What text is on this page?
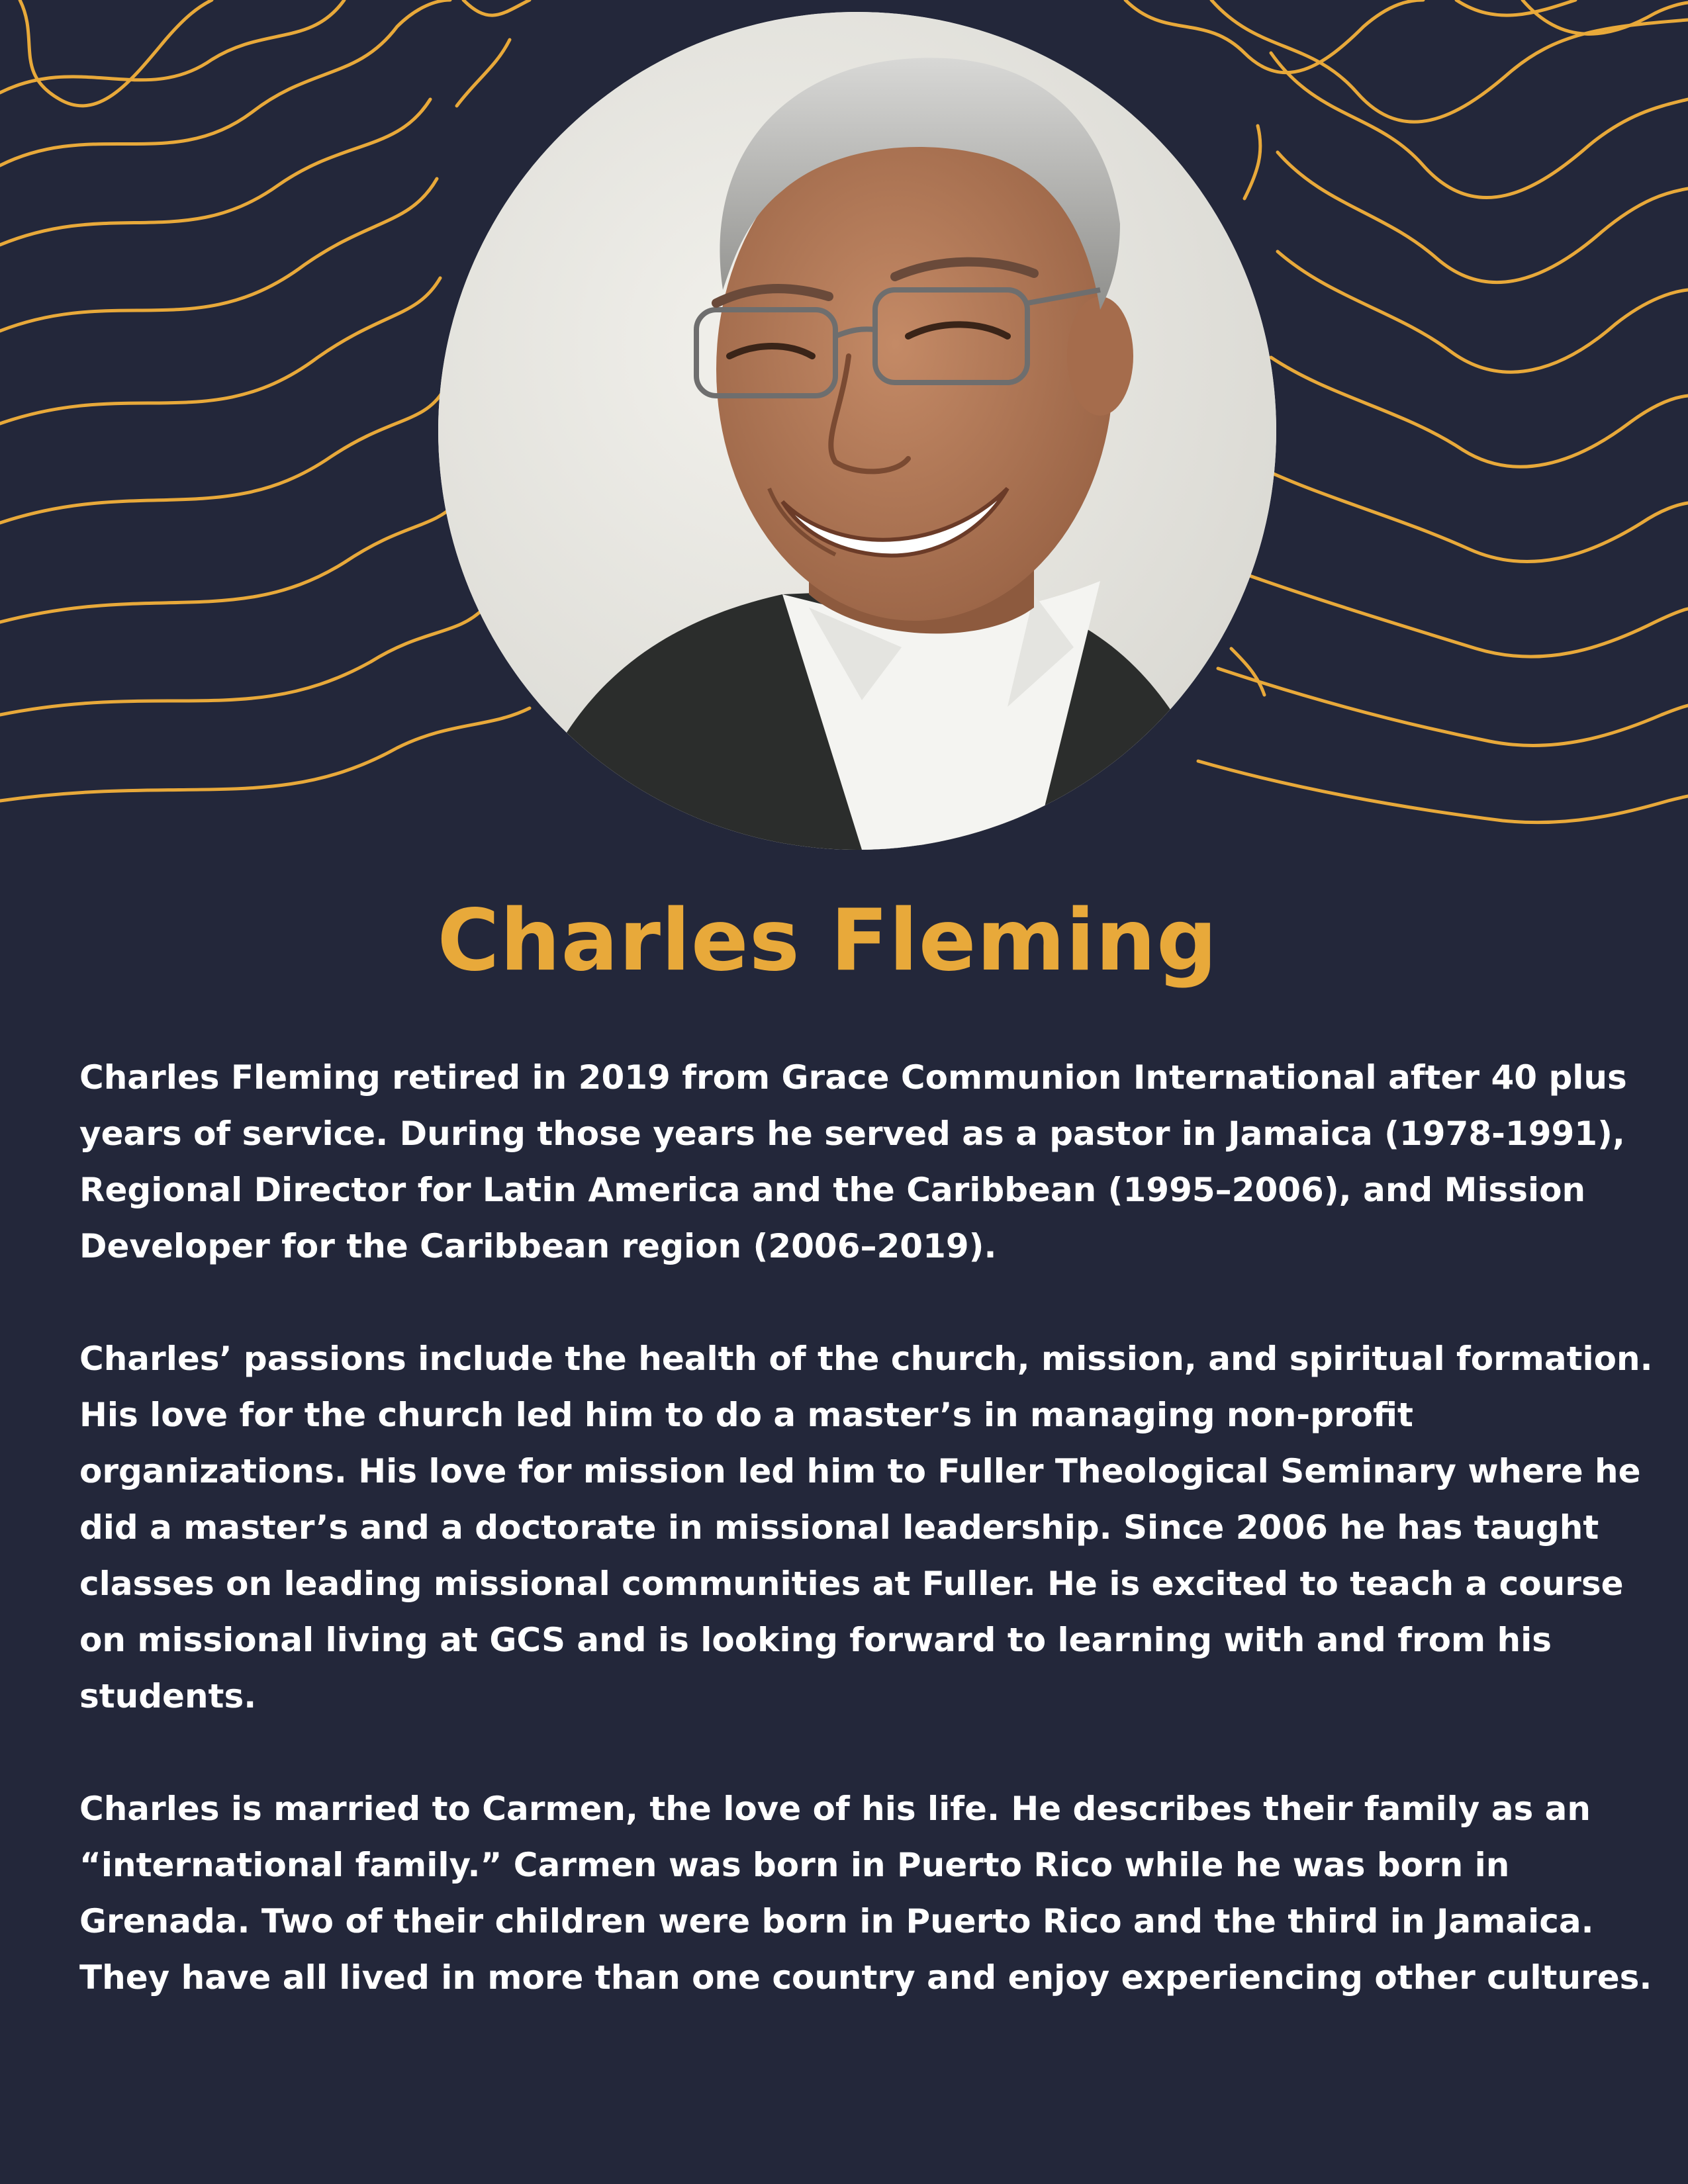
Charles Fleming

Charles Fleming retired in 2019 from Grace Communion International after 40 plus years of service. During those years he served as a pastor in Jamaica (1978-1991), Regional Director for Latin America and the Caribbean (1995–2006), and Mission Developer for the Caribbean region (2006–2019).

Charles’ passions include the health of the church, mission, and spiritual formation. His love for the church led him to do a master’s in managing non-profit organizations. His love for mission led him to Fuller Theological Seminary where he did a master’s and a doctorate in missional leadership. Since 2006 he has taught classes on leading missional communities at Fuller. He is excited to teach a course on missional living at GCS and is looking forward to learning with and from his students.

Charles is married to Carmen, the love of his life. He describes their family as an “international family.” Carmen was born in Puerto Rico while he was born in Grenada. Two of their children were born in Puerto Rico and the third in Jamaica. They have all lived in more than one country and enjoy experiencing other cultures.
